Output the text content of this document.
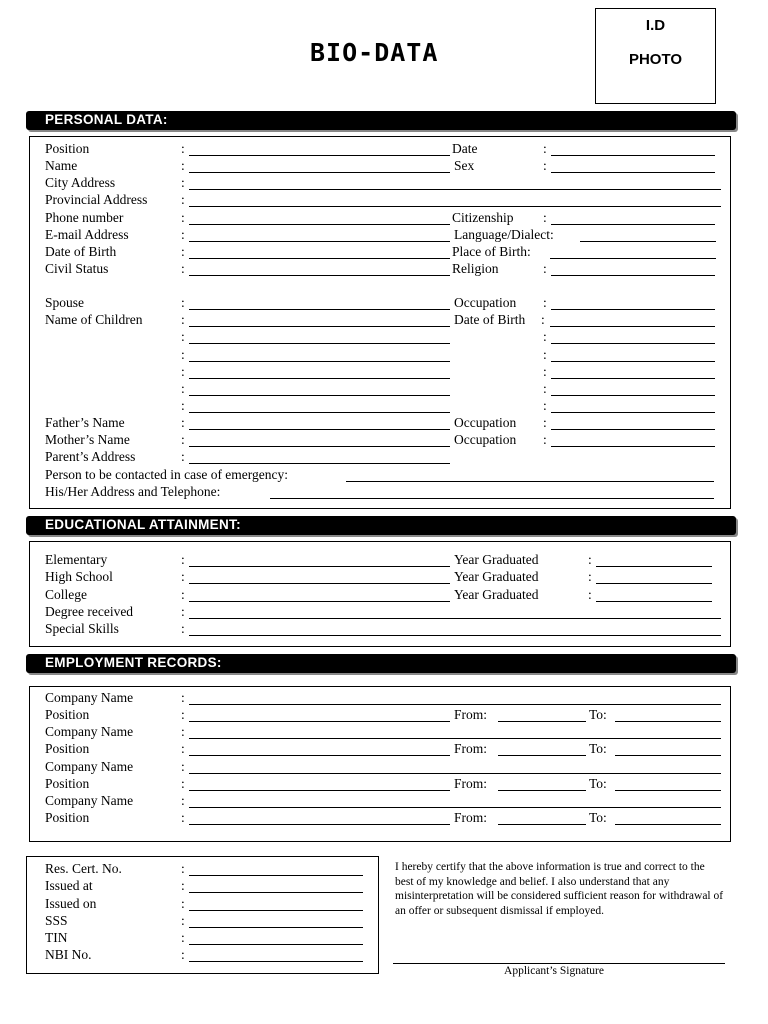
BIO-DATA
I.D
PHOTO
PERSONAL DATA:
EDUCATIONAL ATTAINMENT:
EMPLOYMENT RECORDS:
Position	:	Date	:
Name	:	Sex	:
City Address	:
Provincial Address :
Phone number	:	Citizenship :
E-mail Address	:	Language/Dialect:
Date of Birth	:	Place of Birth:
Civil Status	:	Religion	:
Spouse	:	Occupation :
Name of Children	:	Date of Birth :
:	:
:	:
:	:
:	:
:	:
Father’s Name	:	Occupation :
Mother’s Name	:	Occupation :
Parent’s Address	:
Person to be contacted in case of emergency:
His/Her Address and Telephone:
Elementary	:	Year Graduated	:
High School	:	Year Graduated	:
College	:	Year Graduated	:
Degree received	:
Special Skills	:
Company Name	:
Position	:	From:	To:
Company Name	:
Position	:	From:	To:
Company Name	:
Position	:	From:	To:
Company Name	:
Position	:	From:	To:
Res. Cert. No.	:
Issued at	:
Issued on	:
SSS	:
TIN	:
NBI No.	:
I hereby certify that the above information is true and correct to the best of my knowledge and belief. I also understand that any misinterpretation will be considered sufficient reason for withdrawal of an offer or subsequent dismissal if employed.
Applicant’s Signature
